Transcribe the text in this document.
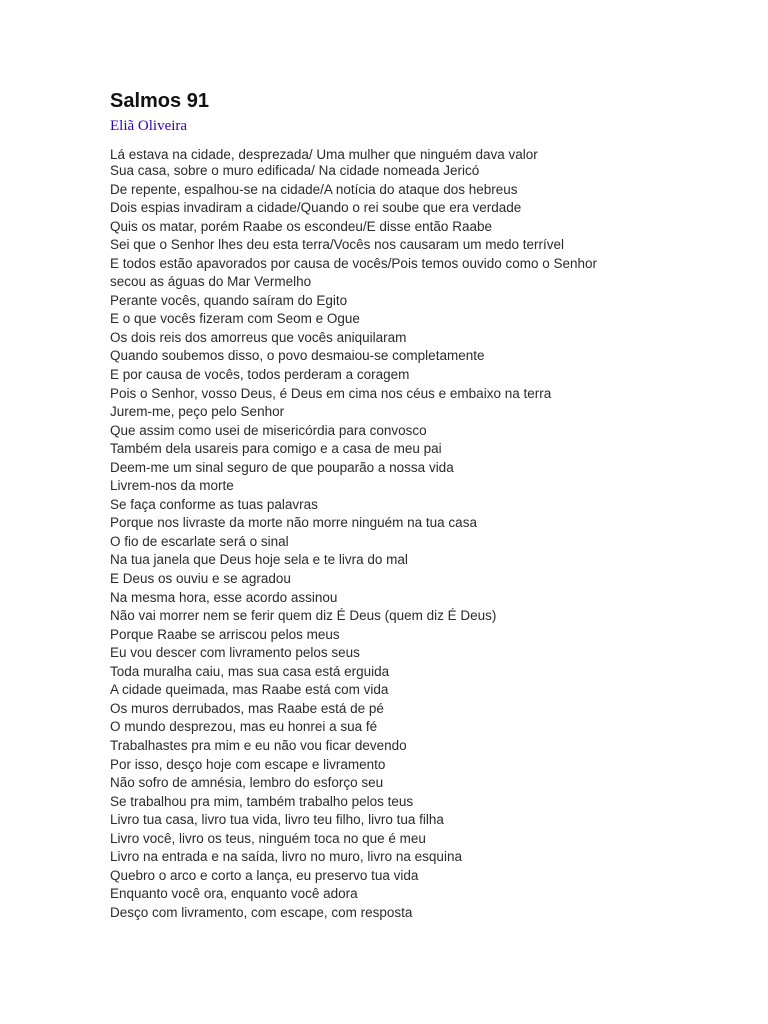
Salmos 91
Eliã Oliveira
Lá estava na cidade, desprezada/ Uma mulher que ninguém dava valor
Sua casa, sobre o muro edificada/ Na cidade nomeada Jericó
De repente, espalhou-se na cidade/A notícia do ataque dos hebreus
Dois espias invadiram a cidade/Quando o rei soube que era verdade
Quis os matar, porém Raabe os escondeu/E disse então Raabe
Sei que o Senhor lhes deu esta terra/Vocês nos causaram um medo terrível
E todos estão apavorados por causa de vocês/Pois temos ouvido como o Senhor
secou as águas do Mar Vermelho
Perante vocês, quando saíram do Egito
E o que vocês fizeram com Seom e Ogue
Os dois reis dos amorreus que vocês aniquilaram
Quando soubemos disso, o povo desmaiou-se completamente
E por causa de vocês, todos perderam a coragem
Pois o Senhor, vosso Deus, é Deus em cima nos céus e embaixo na terra
Jurem-me, peço pelo Senhor
Que assim como usei de misericórdia para convosco
Também dela usareis para comigo e a casa de meu pai
Deem-me um sinal seguro de que pouparão a nossa vida
Livrem-nos da morte
Se faça conforme as tuas palavras
Porque nos livraste da morte não morre ninguém na tua casa
O fio de escarlate será o sinal
Na tua janela que Deus hoje sela e te livra do mal
E Deus os ouviu e se agradou
Na mesma hora, esse acordo assinou
Não vai morrer nem se ferir quem diz É Deus (quem diz É Deus)
Porque Raabe se arriscou pelos meus
Eu vou descer com livramento pelos seus
Toda muralha caiu, mas sua casa está erguida
A cidade queimada, mas Raabe está com vida
Os muros derrubados, mas Raabe está de pé
O mundo desprezou, mas eu honrei a sua fé
Trabalhastes pra mim e eu não vou ficar devendo
Por isso, desço hoje com escape e livramento
Não sofro de amnésia, lembro do esforço seu
Se trabalhou pra mim, também trabalho pelos teus
Livro tua casa, livro tua vida, livro teu filho, livro tua filha
Livro você, livro os teus, ninguém toca no que é meu
Livro na entrada e na saída, livro no muro, livro na esquina
Quebro o arco e corto a lança, eu preservo tua vida
Enquanto você ora, enquanto você adora
Desço com livramento, com escape, com resposta
